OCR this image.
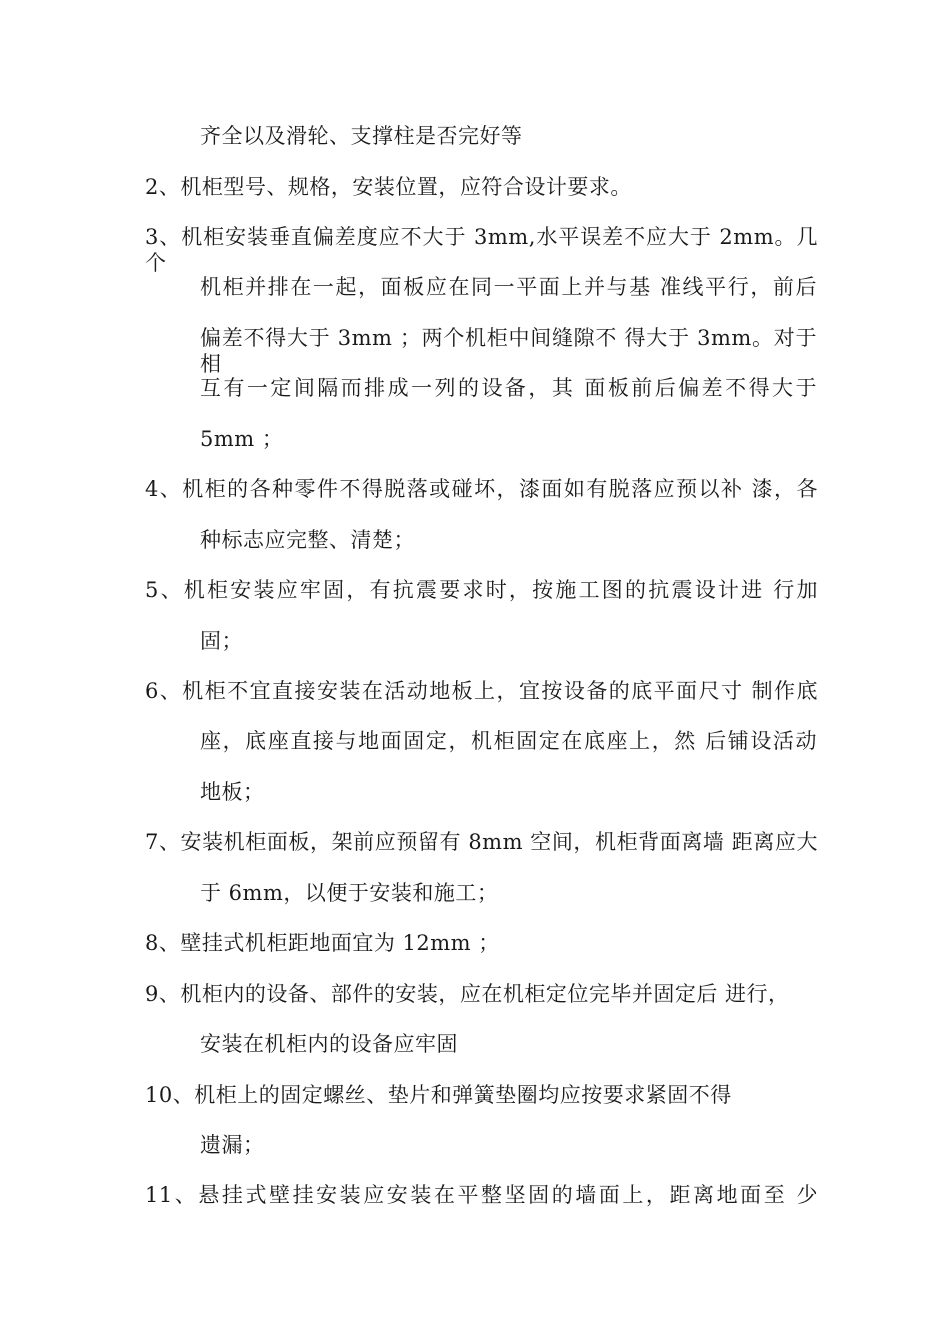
齐全以及滑轮、支撑柱是否完好等
2、机柜型号、规格，安装位置，应符合设计要求。
3、机柜安装垂直偏差度应不大于 3mm,水平误差不应大于 2mm。几个
机柜并排在一起，面板应在同一平面上并与基 准线平行，前后
偏差不得大于 3mm ；两个机柜中间缝隙不 得大于 3mm。对于相
互有一定间隔而排成一列的设备，其 面板前后偏差不得大于
5mm ；
4、机柜的各种零件不得脱落或碰坏，漆面如有脱落应预以补 漆，各
种标志应完整、清楚；
5、机柜安装应牢固，有抗震要求时，按施工图的抗震设计进 行加
固；
6、机柜不宜直接安装在活动地板上，宜按设备的底平面尺寸 制作底
座，底座直接与地面固定，机柜固定在底座上，然 后铺设活动
地板；
7、安装机柜面板，架前应预留有 8mm 空间，机柜背面离墙 距离应大
于 6mm，以便于安装和施工；
8、壁挂式机柜距地面宜为 12mm ；
9、机柜内的设备、部件的安装，应在机柜定位完毕并固定后 进行，
安装在机柜内的设备应牢固
10、机柜上的固定螺丝、垫片和弹簧垫圈均应按要求紧固不得
遗漏；
11、悬挂式壁挂安装应安装在平整坚固的墙面上，距离地面至 少
